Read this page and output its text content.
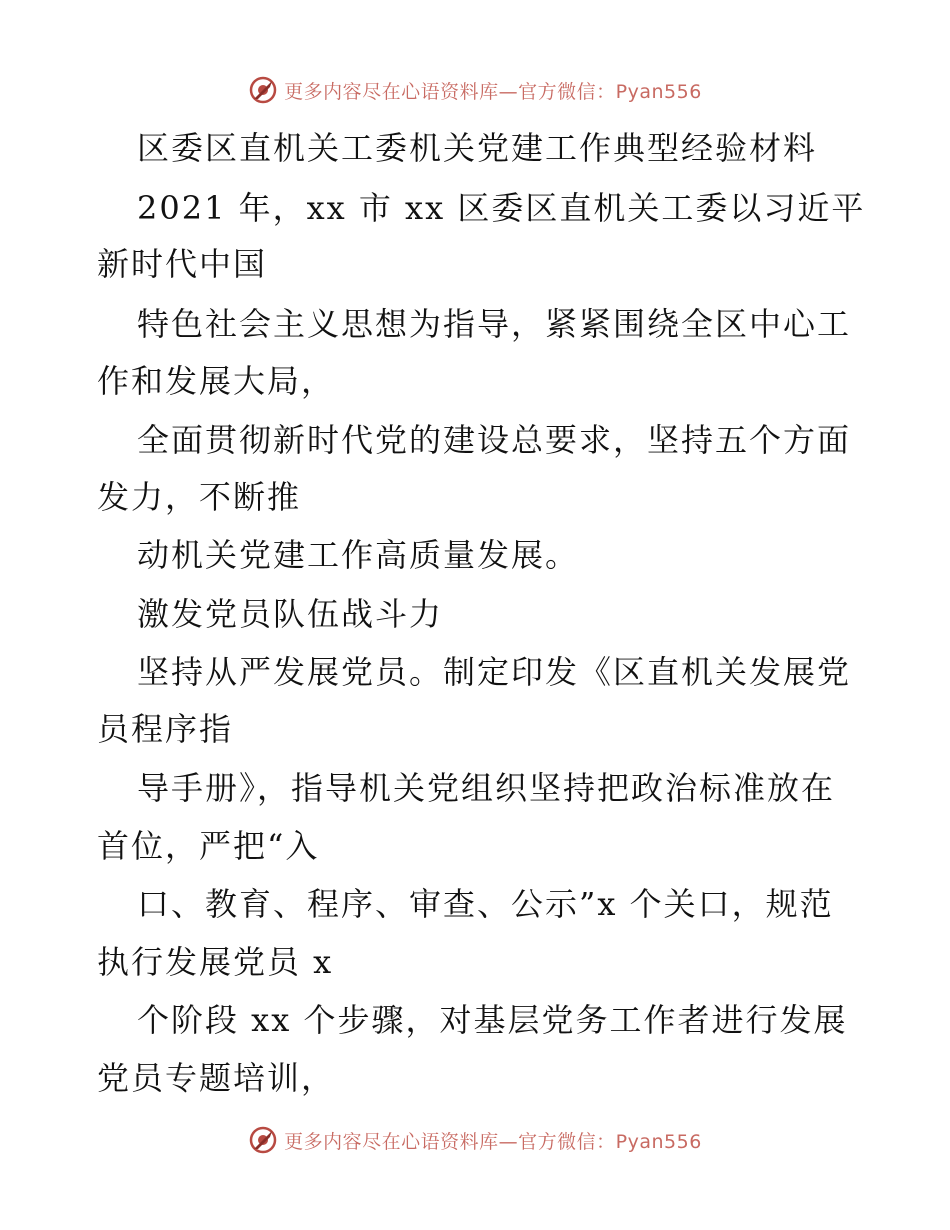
更多内容尽在心语资料库—官方微信：Pyan556
区委区直机关工委机关党建工作典型经验材料
2021 年，xx 市 xx 区委区直机关工委以习近平
新时代中国
特色社会主义思想为指导，紧紧围绕全区中心工
作和发展大局，
全面贯彻新时代党的建设总要求，坚持五个方面
发力，不断推
动机关党建工作高质量发展。
激发党员队伍战斗力
坚持从严发展党员。制定印发《区直机关发展党
员程序指
导手册》，指导机关党组织坚持把政治标准放在
首位，严把“入
口、教育、程序、审查、公示”x 个关口，规范
执行发展党员 x
个阶段 xx 个步骤，对基层党务工作者进行发展
党员专题培训，
更多内容尽在心语资料库—官方微信：Pyan556
